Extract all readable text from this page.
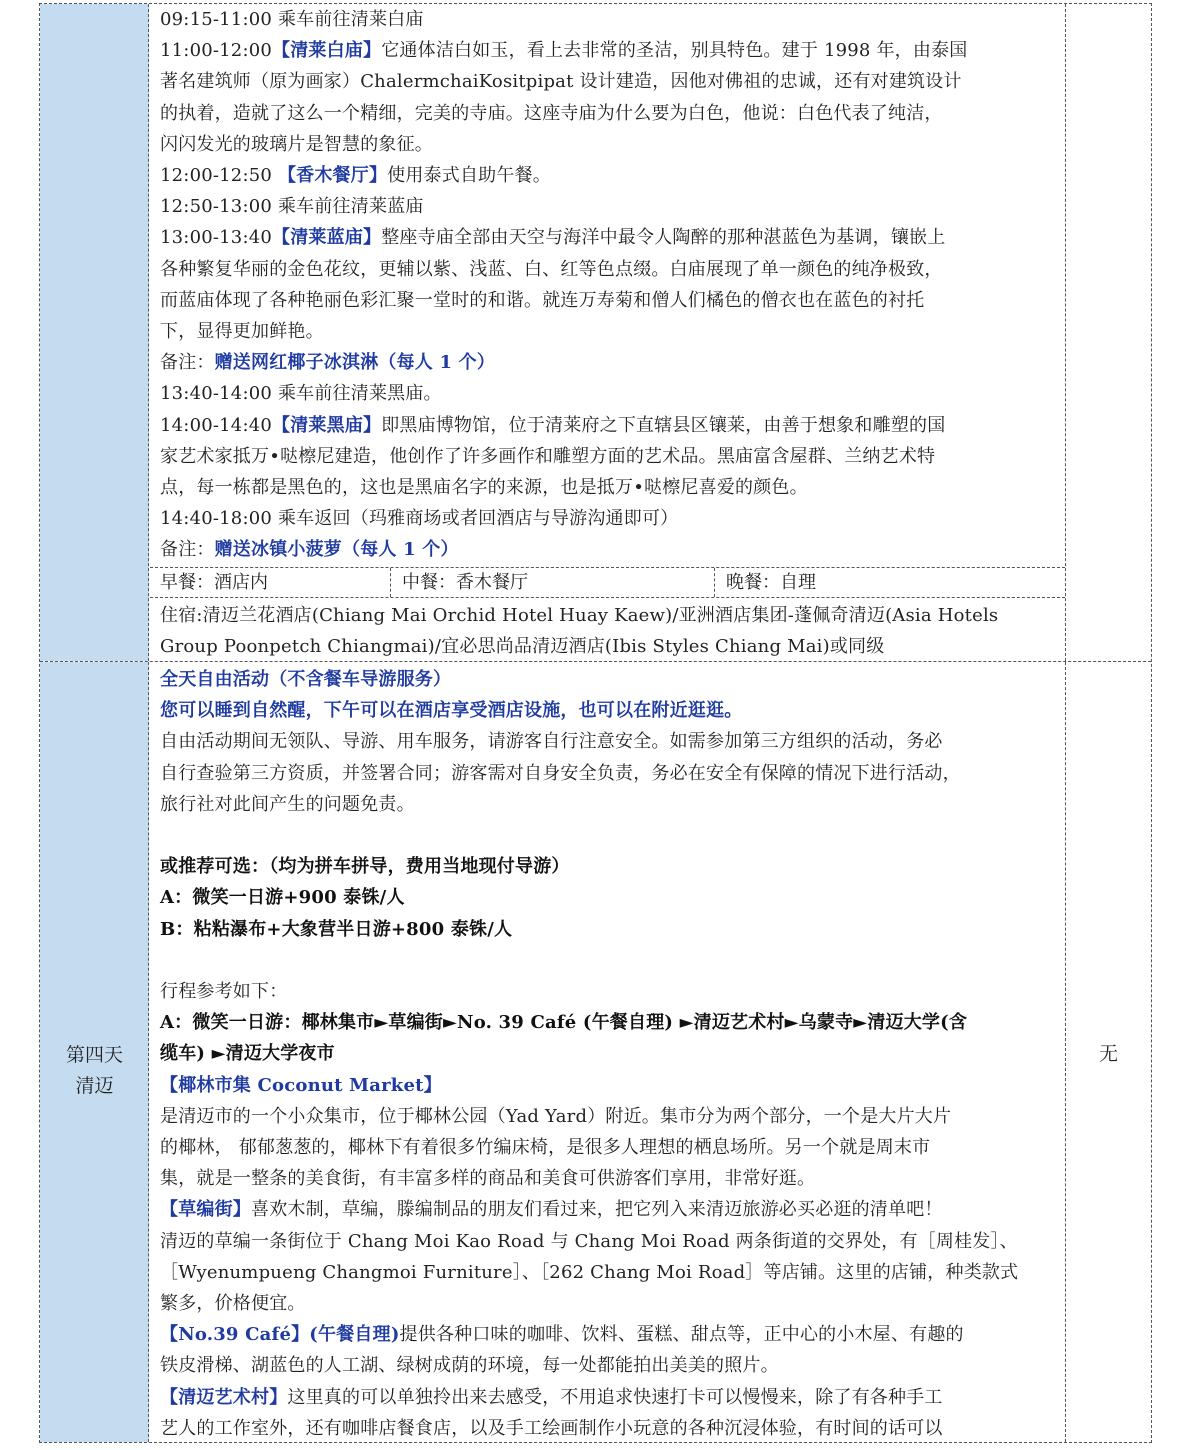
09:15-11:00 乘车前往清莱白庙
11:00-12:00【清莱白庙】它通体洁白如玉，看上去非常的圣洁，别具特色。建于 1998 年，由泰国
著名建筑师（原为画家）ChalermchaiKositpipat 设计建造，因他对佛祖的忠诚，还有对建筑设计
的执着，造就了这么一个精细，完美的寺庙。这座寺庙为什么要为白色，他说：白色代表了纯洁，
闪闪发光的玻璃片是智慧的象征。
12:00-12:50 【香木餐厅】使用泰式自助午餐。
12:50-13:00 乘车前往清莱蓝庙
13:00-13:40【清莱蓝庙】整座寺庙全部由天空与海洋中最令人陶醉的那种湛蓝色为基调，镶嵌上
各种繁复华丽的金色花纹，更辅以紫、浅蓝、白、红等色点缀。白庙展现了单一颜色的纯净极致，
而蓝庙体现了各种艳丽色彩汇聚一堂时的和谐。就连万寿菊和僧人们橘色的僧衣也在蓝色的衬托
下，显得更加鲜艳。
备注：赠送网红椰子冰淇淋（每人 1 个）
13:40-14:00 乘车前往清莱黑庙。
14:00-14:40【清莱黑庙】即黑庙博物馆，位于清莱府之下直辖县区镶莱，由善于想象和雕塑的国
家艺术家抵万•哒檫尼建造，他创作了许多画作和雕塑方面的艺术品。黑庙富含屋群、兰纳艺术特
点，每一栋都是黑色的，这也是黑庙名字的来源，也是抵万•哒檫尼喜爱的颜色。
14:40-18:00 乘车返回（玛雅商场或者回酒店与导游沟通即可）
备注：赠送冰镇小菠萝（每人 1 个）
早餐：酒店内	中餐：香木餐厅	晚餐：自理
住宿:清迈兰花酒店(Chiang Mai Orchid Hotel Huay Kaew)/亚洲酒店集团-蓬佩奇清迈(Asia Hotels
Group Poonpetch Chiangmai)/宜必思尚品清迈酒店(Ibis Styles Chiang Mai)或同级
第四天
清迈
全天自由活动（不含餐车导游服务）
您可以睡到自然醒，下午可以在酒店享受酒店设施，也可以在附近逛逛。
自由活动期间无领队、导游、用车服务，请游客自行注意安全。如需参加第三方组织的活动，务必
自行查验第三方资质，并签署合同；游客需对自身安全负责，务必在安全有保障的情况下进行活动，
旅行社对此间产生的问题免责。
或推荐可选：（均为拼车拼导，费用当地现付导游）
A：微笑一日游+900 泰铢/人
B：粘粘瀑布+大象营半日游+800 泰铢/人
行程参考如下：
A：微笑一日游：椰林集市►草编街►No. 39 Café (午餐自理) ►清迈艺术村►乌蒙寺►清迈大学(含
缆车) ►清迈大学夜市
【椰林市集 Coconut Market】
是清迈市的一个小众集市，位于椰林公园（Yad Yard）附近。集市分为两个部分，一个是大片大片
的椰林， 郁郁葱葱的，椰林下有着很多竹编床椅，是很多人理想的栖息场所。另一个就是周末市
集，就是一整条的美食街，有丰富多样的商品和美食可供游客们享用，非常好逛。
【草编街】喜欢木制，草编，滕编制品的朋友们看过来，把它列入来清迈旅游必买必逛的清单吧！
清迈的草编一条街位于 Chang Moi Kao Road 与 Chang Moi Road 两条街道的交界处，有［周桂发］、
［Wyenumpueng Changmoi Furniture］、［262 Chang Moi Road］等店铺。这里的店铺，种类款式
繁多，价格便宜。
【No.39 Café】(午餐自理)提供各种口味的咖啡、饮料、蛋糕、甜点等，正中心的小木屋、有趣的
铁皮滑梯、湖蓝色的人工湖、绿树成荫的环境，每一处都能拍出美美的照片。
【清迈艺术村】这里真的可以单独拎出来去感受，不用追求快速打卡可以慢慢来，除了有各种手工
艺人的工作室外，还有咖啡店餐食店，以及手工绘画制作小玩意的各种沉浸体验，有时间的话可以
无
